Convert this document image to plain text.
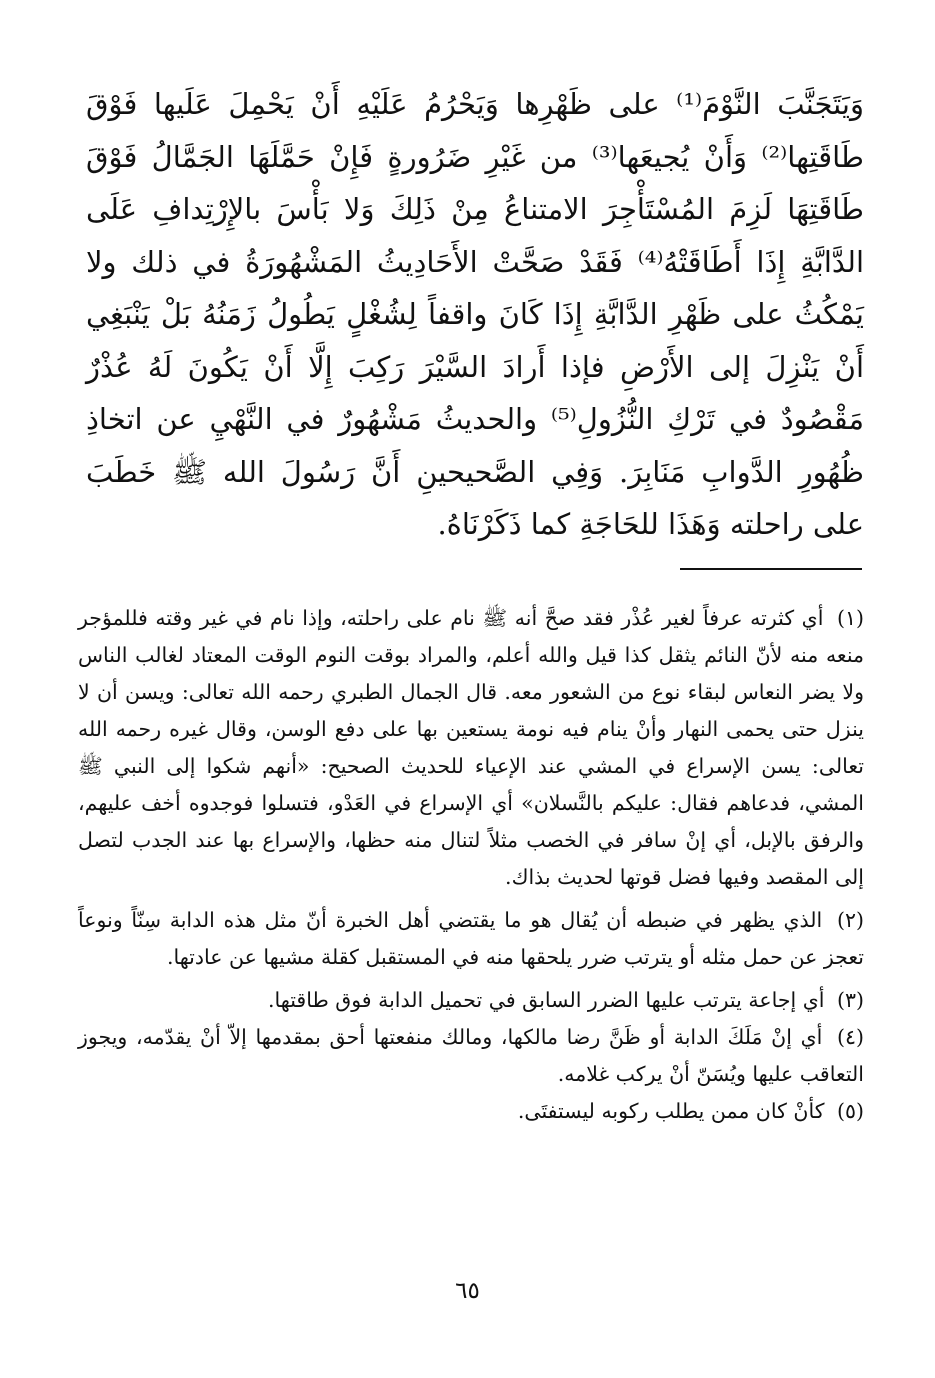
وَيَتَجَنَّبَ النَّوْمَ⁽¹⁾ على ظَهْرِها وَيَحْرُمُ عَلَيْهِ أَنْ يَحْمِلَ عَلَيها فَوْقَ طَاقَتِها⁽²⁾ وَأَنْ يُجيعَها⁽³⁾ من غَيْرِ ضَرُورةٍ فَإِنْ حَمَّلَهَا الجَمَّالُ فَوْقَ طَاقَتِهَا لَزِمَ المُسْتَأْجِرَ الامتناعُ مِنْ ذَلِكَ وَلا بَأْسَ بالإِرْتِدافِ عَلَى الدَّابَّةِ إِذَا أَطَاقَتْهُ⁽⁴⁾ فَقَدْ صَحَّتْ الأَحَادِيثُ المَشْهُورَةُ في ذلك ولا يَمْكُثُ على ظَهْرِ الدَّابَّةِ إِذَا كَانَ واقفاً لِشُغْلٍ يَطُولُ زَمَنُهُ بَلْ يَنْبَغِي أَنْ يَنْزِلَ إلى الأَرْضِ فإذا أَرادَ السَّيْرَ رَكِبَ إِلَّا أَنْ يَكُونَ لَهُ عُذْرٌ مَقْصُودٌ في تَرْكِ النُّزُولِ⁽⁵⁾ والحديثُ مَشْهُورٌ في النَّهْيِ عن اتخاذِ ظُهُورِ الدَّوابِ مَنَابِرَ. وَفِي الصَّحيحينِ أَنَّ رَسُولَ الله ﷺ خَطَبَ على راحلته وَهَذَا للحَاجَةِ كما ذَكَرْنَاهُ.

(١) أي كثرته عرفاً لغير عُذْر فقد صحَّ أنه ﷺ نام على راحلته، وإذا نام في غير وقته فللمؤجر منعه منه لأنّ النائم يثقل كذا قيل والله أعلم، والمراد بوقت النوم الوقت المعتاد لغالب الناس ولا يضر النعاس لبقاء نوع من الشعور معه. قال الجمال الطبري رحمه الله تعالى: ويسن أن لا ينزل حتى يحمى النهار وأنْ ينام فيه نومة يستعين بها على دفع الوسن، وقال غيره رحمه الله تعالى: يسن الإسراع في المشي عند الإعياء للحديث الصحيح: «أنهم شكوا إلى النبي ﷺ المشي، فدعاهم فقال: عليكم بالنَّسلان» أي الإسراع في العَدْو، فتسلوا فوجدوه أخف عليهم، والرفق بالإبل، أي إنْ سافر في الخصب مثلاً لتنال منه حظها، والإسراع بها عند الجدب لتصل إلى المقصد وفيها فضل قوتها لحديث بذاك.

(٢) الذي يظهر في ضبطه أن يُقال هو ما يقتضي أهل الخبرة أنّ مثل هذه الدابة سِنّاً ونوعاً تعجز عن حمل مثله أو يترتب ضرر يلحقها منه في المستقبل كقلة مشيها عن عادتها.

(٣) أي إجاعة يترتب عليها الضرر السابق في تحميل الدابة فوق طاقتها.

(٤) أي إنْ مَلَكَ الدابة أو ظَنَّ رضا مالكها، ومالك منفعتها أحق بمقدمها إلاّ أنْ يقدّمه، ويجوز التعاقب عليها ويُسَنّ أنْ يركب غلامه.

(٥) كأنْ كان ممن يطلب ركوبه ليستفتَى.

٦٥
